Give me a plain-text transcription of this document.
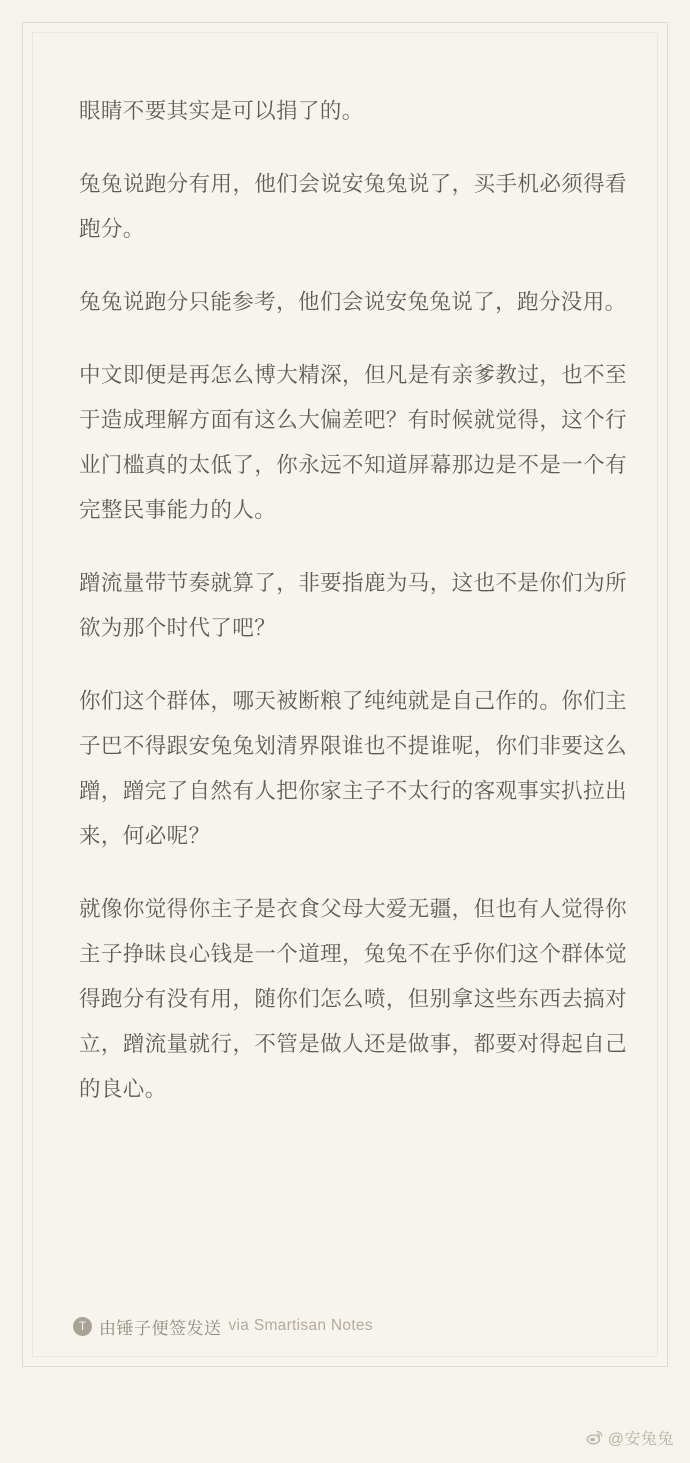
眼睛不要其实是可以捐了的。

兔兔说跑分有用，他们会说安兔兔说了，买手机必须得看跑分。

兔兔说跑分只能参考，他们会说安兔兔说了，跑分没用。

中文即便是再怎么博大精深，但凡是有亲爹教过，也不至于造成理解方面有这么大偏差吧？有时候就觉得，这个行业门槛真的太低了，你永远不知道屏幕那边是不是一个有完整民事能力的人。

蹭流量带节奏就算了，非要指鹿为马，这也不是你们为所欲为那个时代了吧？

你们这个群体，哪天被断粮了纯纯就是自己作的。你们主子巴不得跟安兔兔划清界限谁也不提谁呢，你们非要这么蹭，蹭完了自然有人把你家主子不太行的客观事实扒拉出来，何必呢？

就像你觉得你主子是衣食父母大爱无疆，但也有人觉得你主子挣昧良心钱是一个道理，兔兔不在乎你们这个群体觉得跑分有没有用，随你们怎么喷，但别拿这些东西去搞对立，蹭流量就行，不管是做人还是做事，都要对得起自己的良心。

T 由锤子便签发送 via Smartisan Notes
@安兔兔
